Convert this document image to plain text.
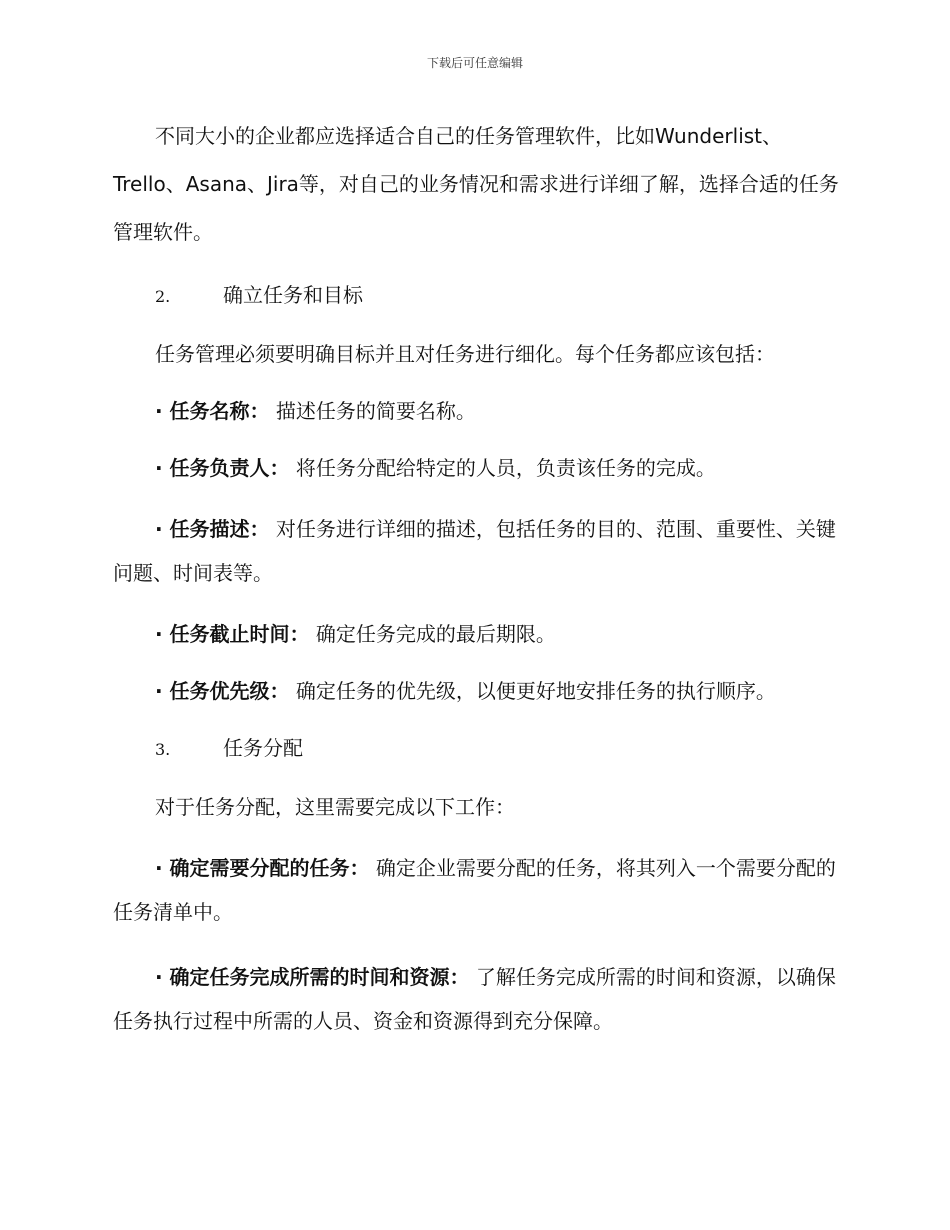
下载后可任意编辑

不同大小的企业都应选择适合自己的任务管理软件，比如Wunderlist、Trello、Asana、Jira等，对自己的业务情况和需求进行详细了解，选择合适的任务管理软件。

2.	确立任务和目标

任务管理必须要明确目标并且对任务进行细化。每个任务都应该包括：

· 任务名称： 描述任务的简要名称。

· 任务负责人： 将任务分配给特定的人员，负责该任务的完成。

· 任务描述： 对任务进行详细的描述，包括任务的目的、范围、重要性、关键问题、时间表等。

· 任务截止时间： 确定任务完成的最后期限。

· 任务优先级： 确定任务的优先级，以便更好地安排任务的执行顺序。

3.	任务分配

对于任务分配，这里需要完成以下工作：

· 确定需要分配的任务： 确定企业需要分配的任务，将其列入一个需要分配的任务清单中。

· 确定任务完成所需的时间和资源： 了解任务完成所需的时间和资源，以确保任务执行过程中所需的人员、资金和资源得到充分保障。
